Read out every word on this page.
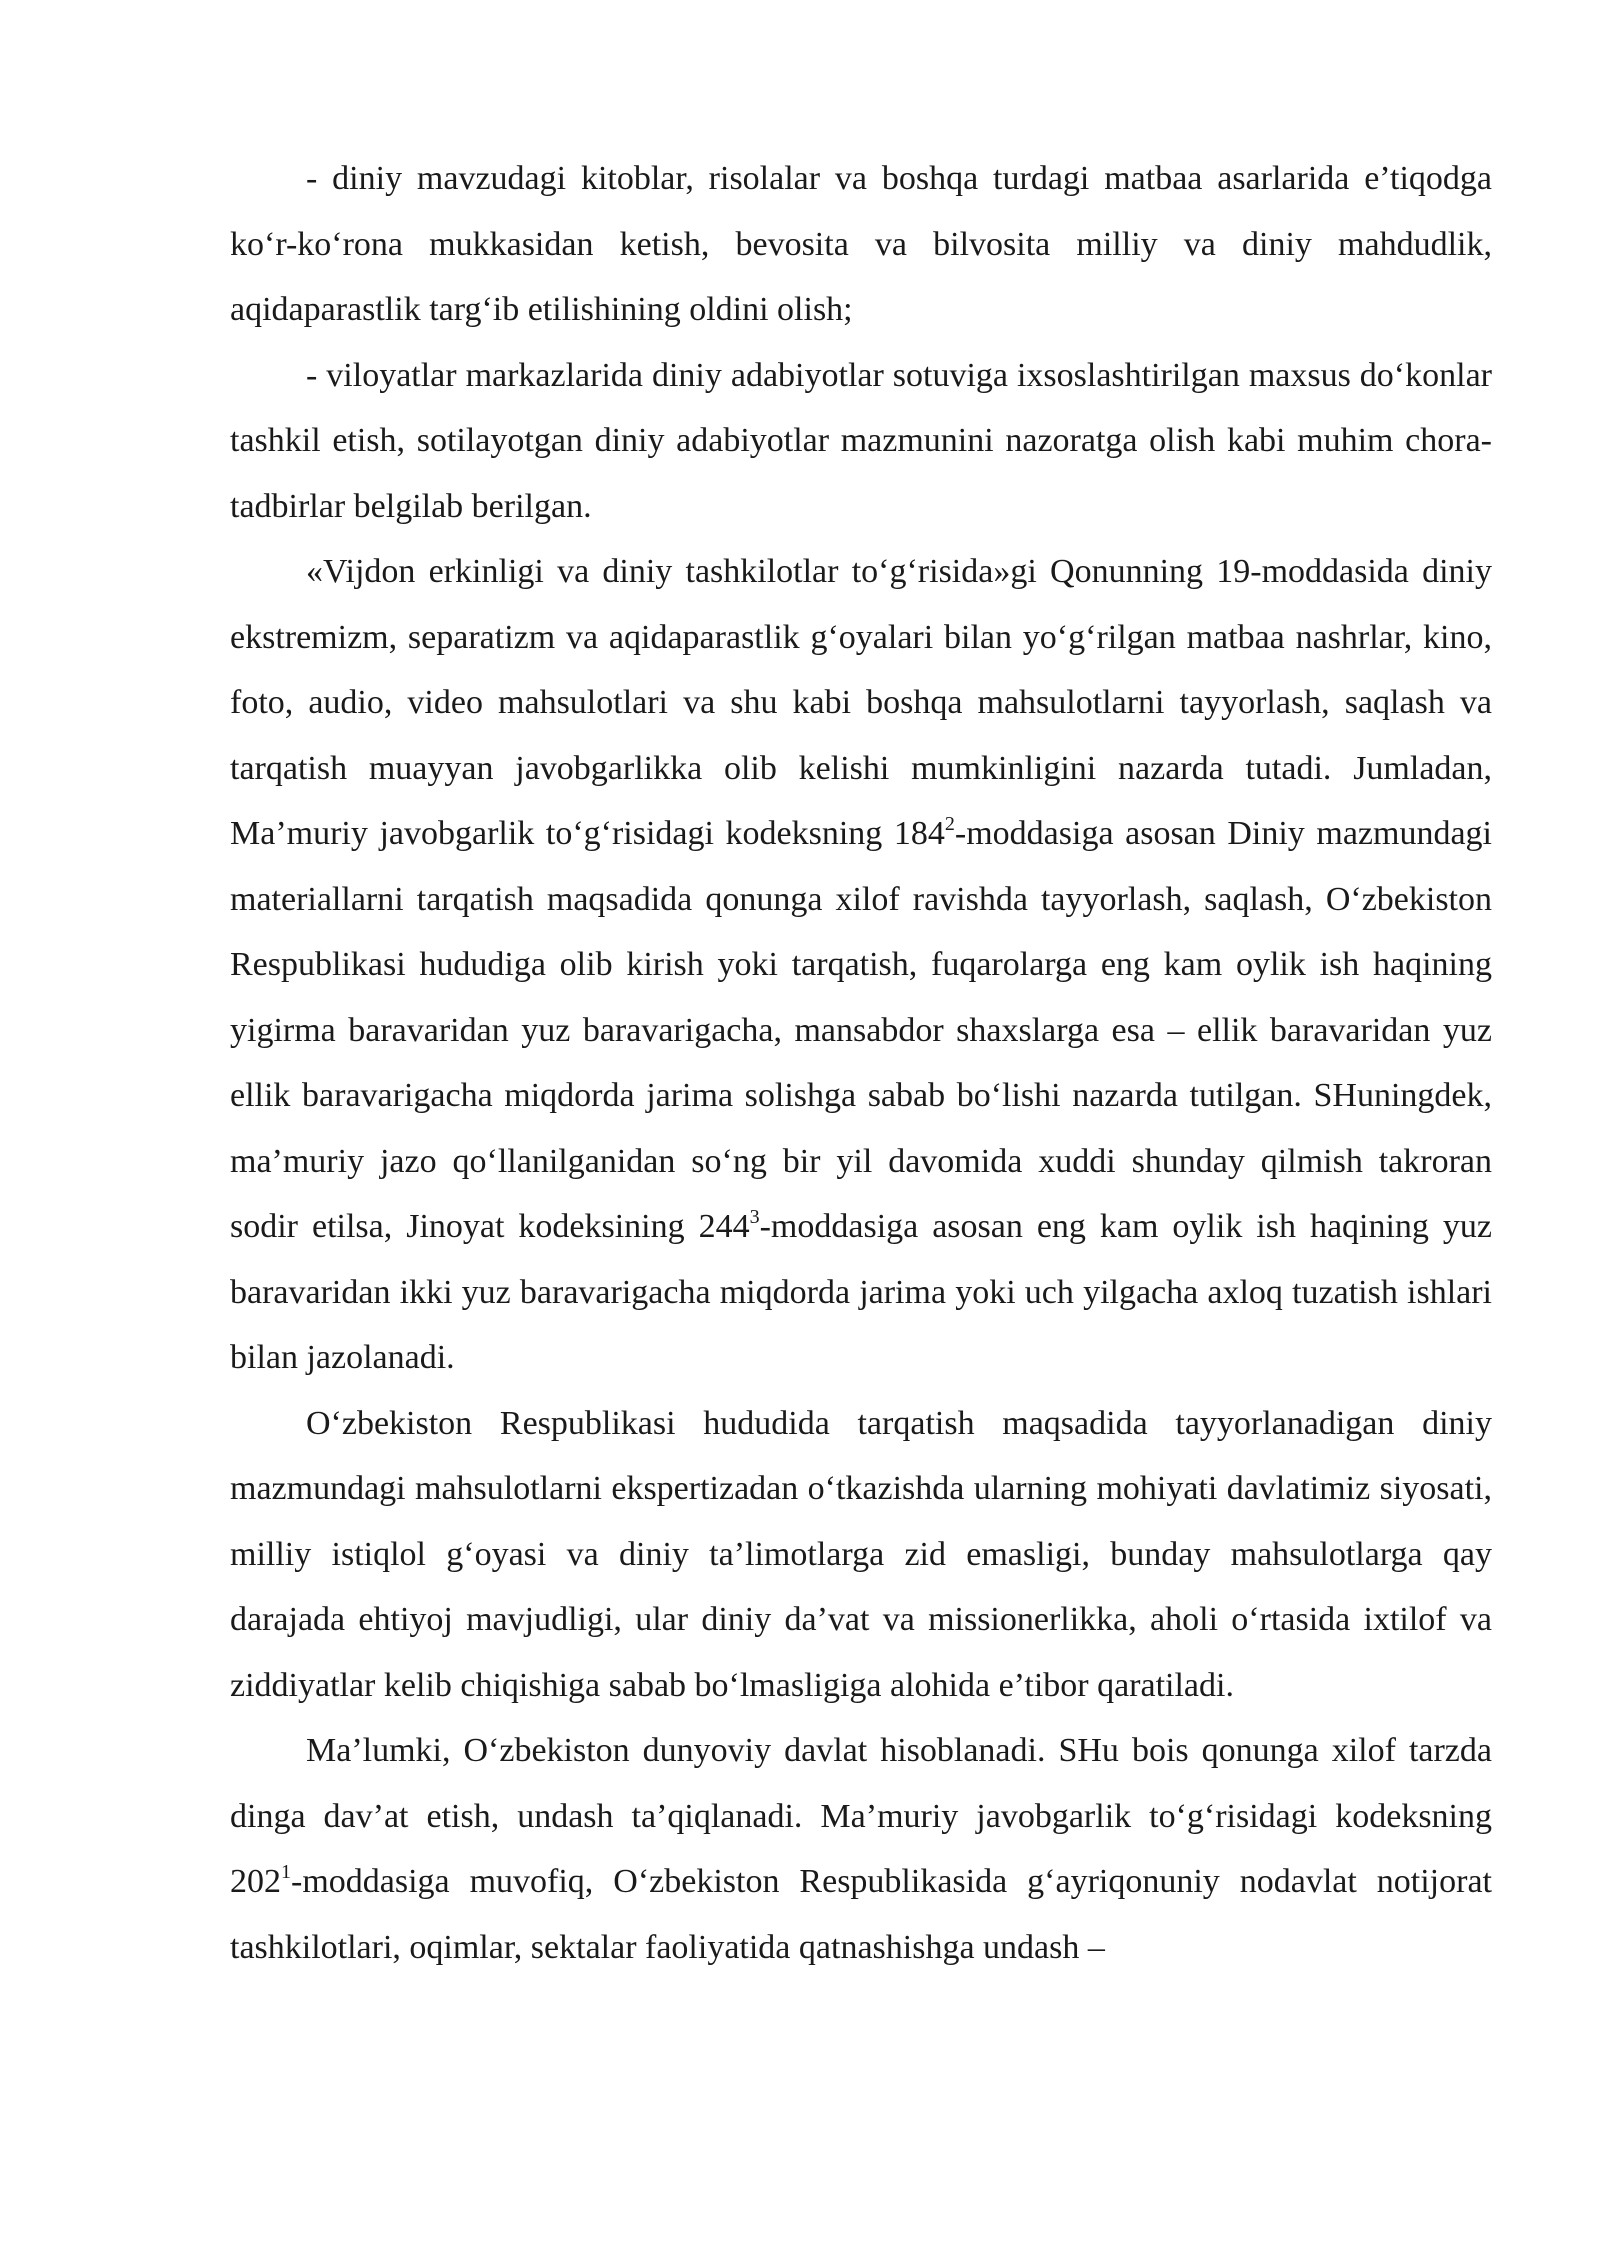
- diniy mavzudagi kitoblar, risolalar va boshqa turdagi matbaa asarlarida e’tiqodga ko‘r-ko‘rona mukkasidan ketish, bevosita va bilvosita milliy va diniy mahdudlik, aqidaparastlik targ‘ib etilishining oldini olish;

- viloyatlar markazlarida diniy adabiyotlar sotuviga ixsoslashtirilgan maxsus do‘konlar tashkil etish, sotilayotgan diniy adabiyotlar mazmunini nazoratga olish kabi muhim chora-tadbirlar belgilab berilgan.

«Vijdon erkinligi va diniy tashkilotlar to‘g‘risida»gi Qonunning 19-moddasida diniy ekstremizm, separatizm va aqidaparastlik g‘oyalari bilan yo‘g‘rilgan matbaa nashrlar, kino, foto, audio, video mahsulotlari va shu kabi boshqa mahsulotlarni tayyorlash, saqlash va tarqatish muayyan javobgarlikka olib kelishi mumkinligini nazarda tutadi. Jumladan, Ma’muriy javobgarlik to‘g‘risidagi kodeksning $184^2$-moddasiga asosan Diniy mazmundagi materiallarni tarqatish maqsadida qonunga xilof ravishda tayyorlash, saqlash, O‘zbekiston Respublikasi hududiga olib kirish yoki tarqatish, fuqarolarga eng kam oylik ish haqining yigirma baravaridan yuz baravarigacha, mansabdor shaxslarga esa – ellik baravaridan yuz ellik baravarigacha miqdorda jarima solishga sabab bo‘lishi nazarda tutilgan. SHuningdek, ma’muriy jazo qo‘llanilganidan so‘ng bir yil davomida xuddi shunday qilmish takroran sodir etilsa, Jinoyat kodeksining $244^3$-moddasiga asosan eng kam oylik ish haqining yuz baravaridan ikki yuz baravarigacha miqdorda jarima yoki uch yilgacha axloq tuzatish ishlari bilan jazolanadi.

O‘zbekiston Respublikasi hududida tarqatish maqsadida tayyorlanadigan diniy mazmundagi mahsulotlarni ekspertizadan o‘tkazishda ularning mohiyati davlatimiz siyosati, milliy istiqlol g‘oyasi va diniy ta’limotlarga zid emasligi, bunday mahsulotlarga qay darajada ehtiyoj mavjudligi, ular diniy da’vat va missionerlikka, aholi o‘rtasida ixtilof va ziddiyatlar kelib chiqishiga sabab bo‘lmasligiga alohida e’tibor qaratiladi.

Ma’lumki, O‘zbekiston dunyoviy davlat hisoblanadi. SHu bois qonunga xilof tarzda dinga dav’at etish, undash ta’qiqlanadi. Ma’muriy javobgarlik to‘g‘risidagi kodeksning $202^1$-moddasiga muvofiq, O‘zbekiston Respublikasida g‘ayriqonuniy nodavlat notijorat tashkilotlari, oqimlar, sektalar faoliyatida qatnashishga undash –
